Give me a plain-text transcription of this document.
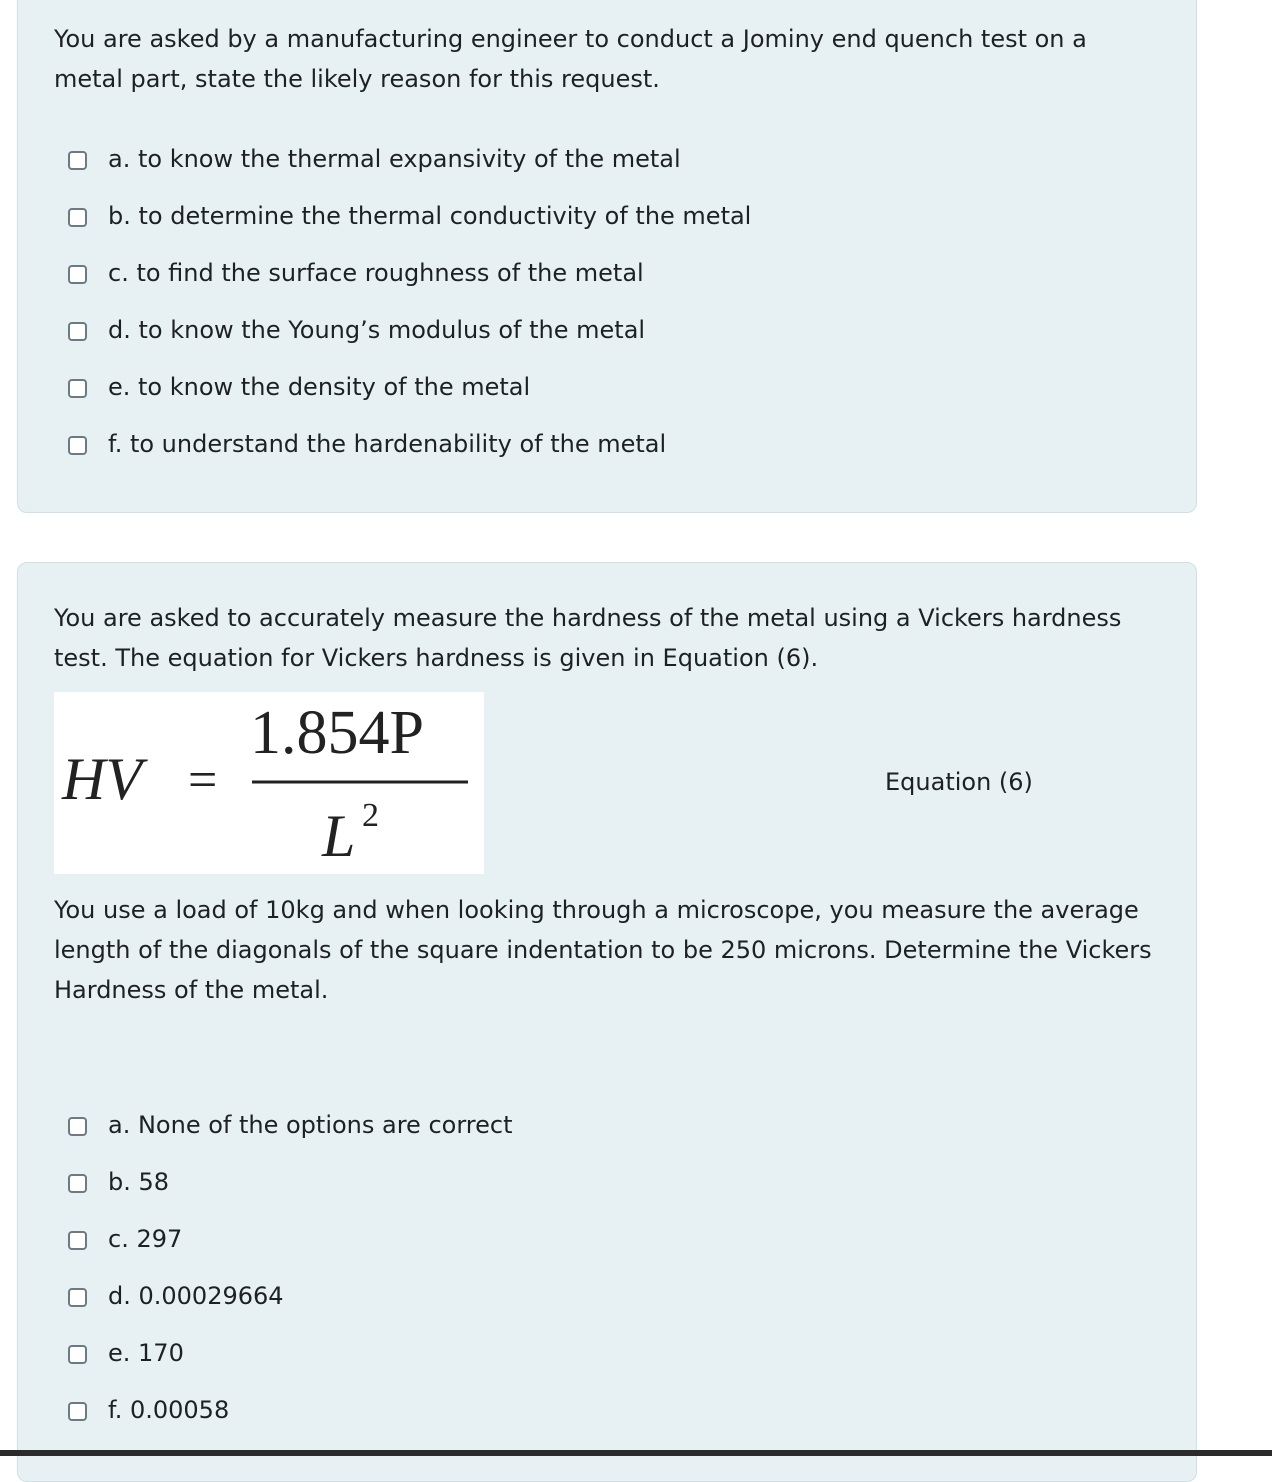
You are asked by a manufacturing engineer to conduct a Jominy end quench test on a metal part, state the likely reason for this request.

a. to know the thermal expansivity of the metal
b. to determine the thermal conductivity of the metal
c. to find the surface roughness of the metal
d. to know the Young’s modulus of the metal
e. to know the density of the metal
f. to understand the hardenability of the metal

You are asked to accurately measure the hardness of the metal using a Vickers hardness test. The equation for Vickers hardness is given in Equation (6).

HV =
1.854P
L 2
Equation (6)

You use a load of 10kg and when looking through a microscope, you measure the average length of the diagonals of the square indentation to be 250 microns. Determine the Vickers Hardness of the metal.

a. None of the options are correct
b. 58
c. 297
d. 0.00029664
e. 170
f. 0.00058
